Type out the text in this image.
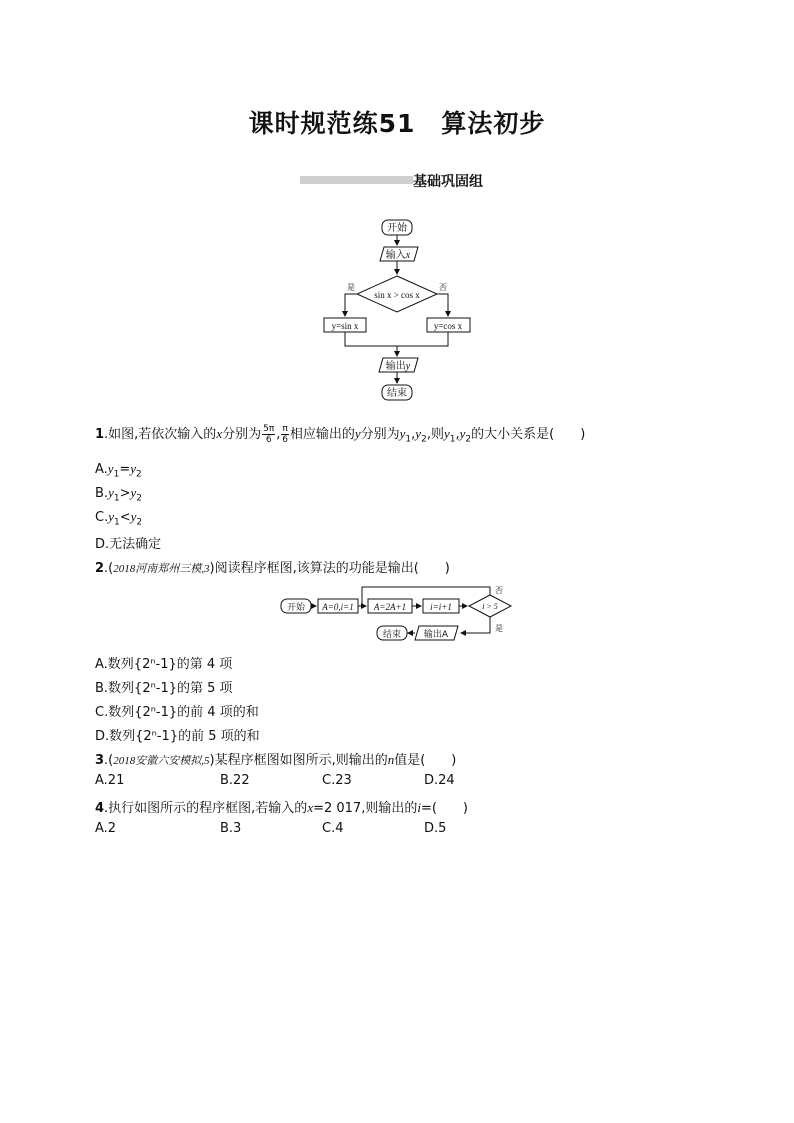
课时规范练51　算法初步
基础巩固组
开始
输入x
sin x > cos x
是	否
y=sin x	y=cos x
输出y
结束
1.如图,若依次输入的x分别为 $\frac{5\pi}{6}$ , $\frac{\pi}{6}$ 相应输出的y分别为$y_1,y_2$,则$y_1,y_2$的大小关系是(　　)
$A.y_1=y_2$
$B.y_1>y_2$
$C.y_1<y_2$
D.无法确定
2.(2018河南郑州三模,3)阅读程序框图,该算法的功能是输出(　　)
开始 A=0,i=1 A=2A+1	i=i+1	i > 5
否
是
输出A
结束
A.数列{2ⁿ-1}的第 4 项
B.数列{2ⁿ-1}的第 5 项
C.数列{2ⁿ-1}的前 4 项的和
D.数列{2ⁿ-1}的前 5 项的和
3.(2018安徽六安模拟,5)某程序框图如图所示,则输出的n值是(　　)
A.21	B.22	C.23	D.24
4.执行如图所示的程序框图,若输入的x=2 017,则输出的i=(　　)
A.2	B.3	C.4	D.5
